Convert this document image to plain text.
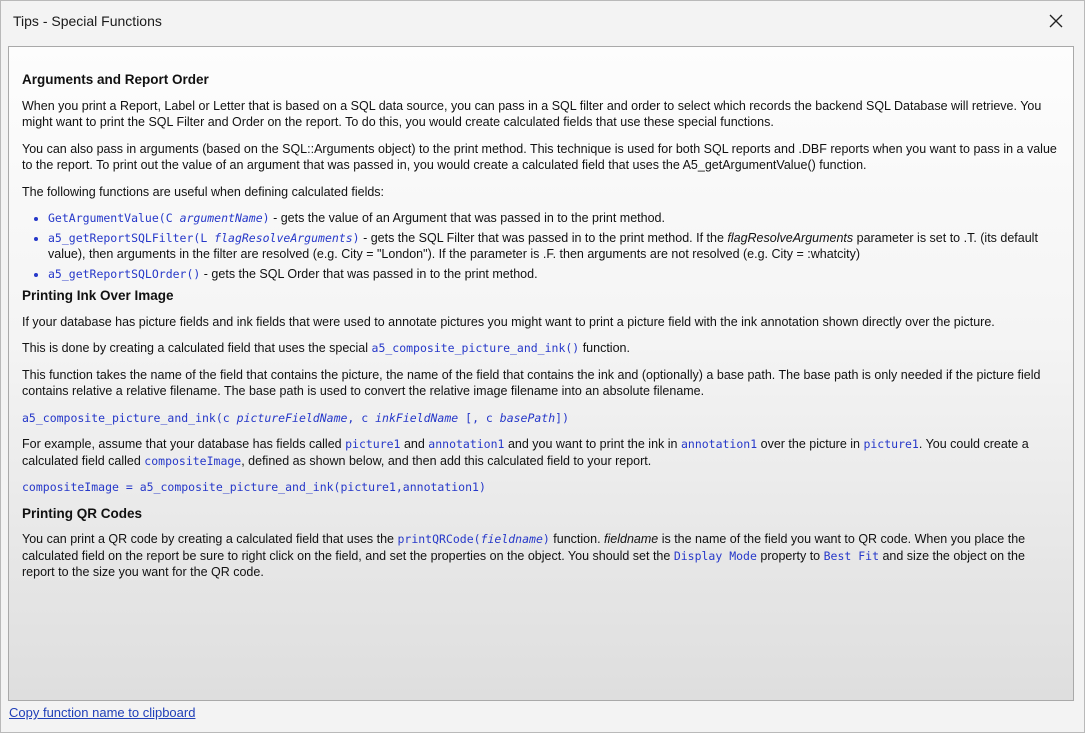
Tips - Special Functions
Arguments and Report Order

When you print a Report, Label or Letter that is based on a SQL data source, you can pass in a SQL filter and order to select which records the backend SQL Database will retrieve. You might want to print the SQL Filter and Order on the report. To do this, you would create calculated fields that use these special functions.

You can also pass in arguments (based on the SQL::Arguments object) to the print method. This technique is used for both SQL reports and .DBF reports when you want to pass in a value to the report. To print out the value of an argument that was passed in, you would create a calculated field that uses the A5_getArgumentValue() function.

The following functions are useful when defining calculated fields:

• GetArgumentValue(C argumentName) - gets the value of an Argument that was passed in to the print method.
• a5_getReportSQLFilter(L flagResolveArguments) - gets the SQL Filter that was passed in to the print method. If the flagResolveArguments parameter is set to .T. (its default value), then arguments in the filter are resolved (e.g. City = "London"). If the parameter is .F. then arguments are not resolved (e.g. City = :whatcity)
• a5_getReportSQLOrder() - gets the SQL Order that was passed in to the print method.
Printing Ink Over Image

If your database has picture fields and ink fields that were used to annotate pictures you might want to print a picture field with the ink annotation shown directly over the picture.

This is done by creating a calculated field that uses the special a5_composite_picture_and_ink() function.

This function takes the name of the field that contains the picture, the name of the field that contains the ink and (optionally) a base path. The base path is only needed if the picture field contains relative a relative filename. The base path is used to convert the relative image filename into an absolute filename.

a5_composite_picture_and_ink(c pictureFieldName, c inkFieldName [, c basePath])

For example, assume that your database has fields called picture1 and annotation1 and you want to print the ink in annotation1 over the picture in picture1. You could create a calculated field called compositeImage, defined as shown below, and then add this calculated field to your report.

compositeImage = a5_composite_picture_and_ink(picture1,annotation1)

Printing QR Codes

You can print a QR code by creating a calculated field that uses the printQRCode(fieldname) function. fieldname is the name of the field you want to QR code. When you place the calculated field on the report be sure to right click on the field, and set the properties on the object. You should set the Display Mode property to Best Fit and size the object on the report to the size you want for the QR code.

Copy function name to clipboard
